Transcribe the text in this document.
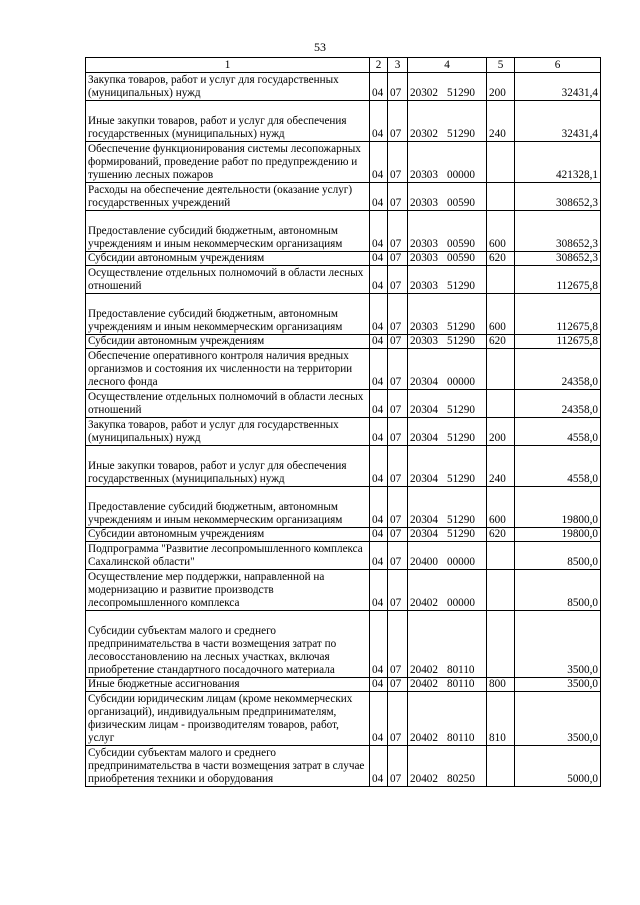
53
1	2	3	4	5	6
Закупка товаров, работ и услуг для государственных (муниципальных) нужд	04	07	20302 51290	200	32431,4
Иные закупки товаров, работ и услуг для обеспечения государственных (муниципальных) нужд	04	07	20302 51290	240	32431,4
Обеспечение функционирования системы лесопожарных формирований, проведение работ по предупреждению и тушению лесных пожаров	04	07	20303 00000		421328,1
Расходы на обеспечение деятельности (оказание услуг) государственных учреждений	04	07	20303 00590		308652,3
Предоставление субсидий бюджетным, автономным учреждениям и иным некоммерческим организациям	04	07	20303 00590	600	308652,3
Субсидии автономным учреждениям	04	07	20303 00590	620	308652,3
Осуществление отдельных полномочий в области лесных отношений	04	07	20303 51290		112675,8
Предоставление субсидий бюджетным, автономным учреждениям и иным некоммерческим организациям	04	07	20303 51290	600	112675,8
Субсидии автономным учреждениям	04	07	20303 51290	620	112675,8
Обеспечение оперативного контроля наличия вредных организмов и состояния их численности на территории лесного фонда	04	07	20304 00000		24358,0
Осуществление отдельных полномочий в области лесных отношений	04	07	20304 51290		24358,0
Закупка товаров, работ и услуг для государственных (муниципальных) нужд	04	07	20304 51290	200	4558,0
Иные закупки товаров, работ и услуг для обеспечения государственных (муниципальных) нужд	04	07	20304 51290	240	4558,0
Предоставление субсидий бюджетным, автономным учреждениям и иным некоммерческим организациям	04	07	20304 51290	600	19800,0
Субсидии автономным учреждениям	04	07	20304 51290	620	19800,0
Подпрограмма "Развитие лесопромышленного комплекса Сахалинской области"	04	07	20400 00000		8500,0
Осуществление мер поддержки, направленной на модернизацию и развитие производств лесопромышленного комплекса	04	07	20402 00000		8500,0
Субсидии субъектам малого и среднего предпринимательства в части возмещения затрат по лесовосстановлению на лесных участках, включая приобретение стандартного посадочного материала	04	07	20402 80110		3500,0
Иные бюджетные ассигнования	04	07	20402 80110	800	3500,0
Субсидии юридическим лицам (кроме некоммерческих организаций), индивидуальным предпринимателям, физическим лицам - производителям товаров, работ, услуг	04	07	20402 80110	810	3500,0
Субсидии субъектам малого и среднего предпринимательства в части возмещения затрат в случае приобретения техники и оборудования	04	07	20402 80250		5000,0
